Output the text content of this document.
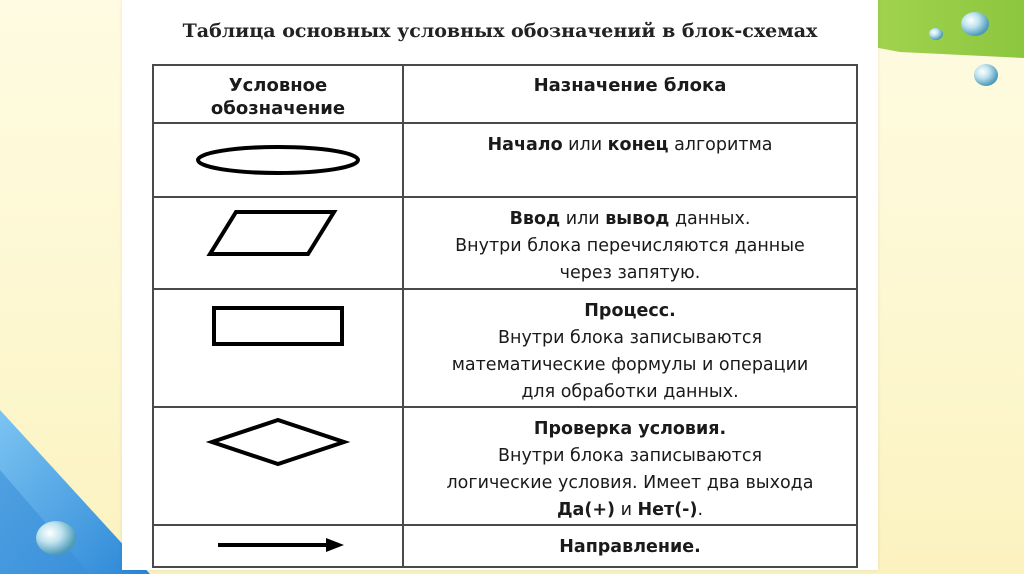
Таблица основных условных обозначений в блок-схемах
Условное
обозначение	Назначение блока

Начало или конец алгоритма

Ввод или вывод данных.
Внутри блока перечисляются данные
через запятую.

Процесс.
Внутри блока записываются
математические формулы и операции
для обработки данных.

Проверка условия.
Внутри блока записываются
логические условия. Имеет два выхода
Да(+) и Нет(-).

Направление.
